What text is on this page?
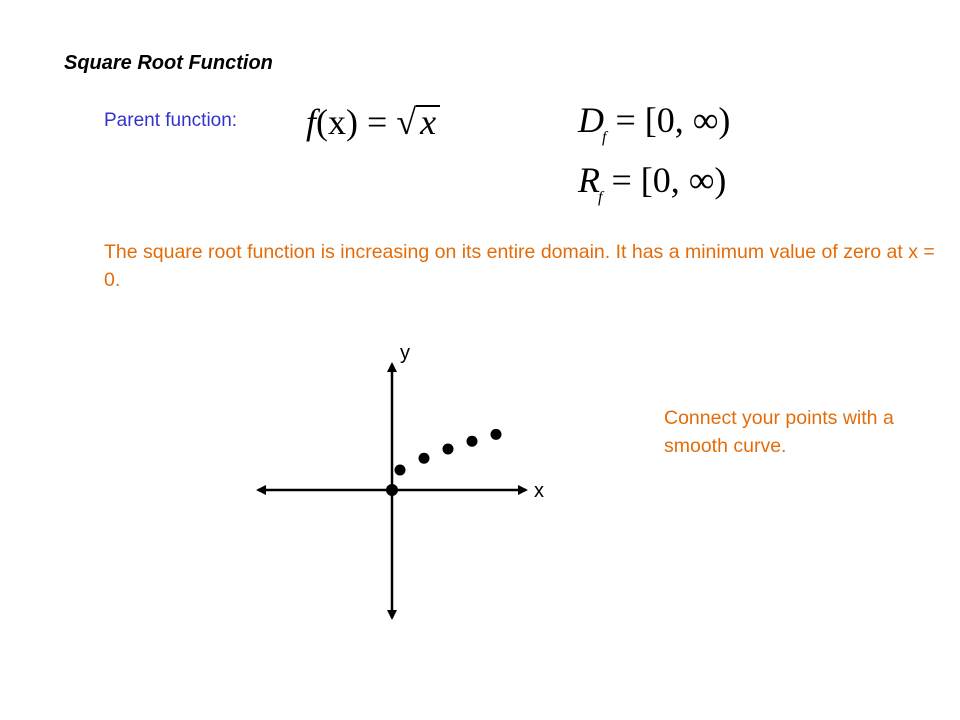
Square Root Function
Parent function: f(x) = √ x	$D_f = [0$, ∞)
$R_f = [0$, ∞)
The square root function is increasing on its entire domain. It has a minimum value of zero at x = 0.
y
x
Connect your points with a smooth curve.
